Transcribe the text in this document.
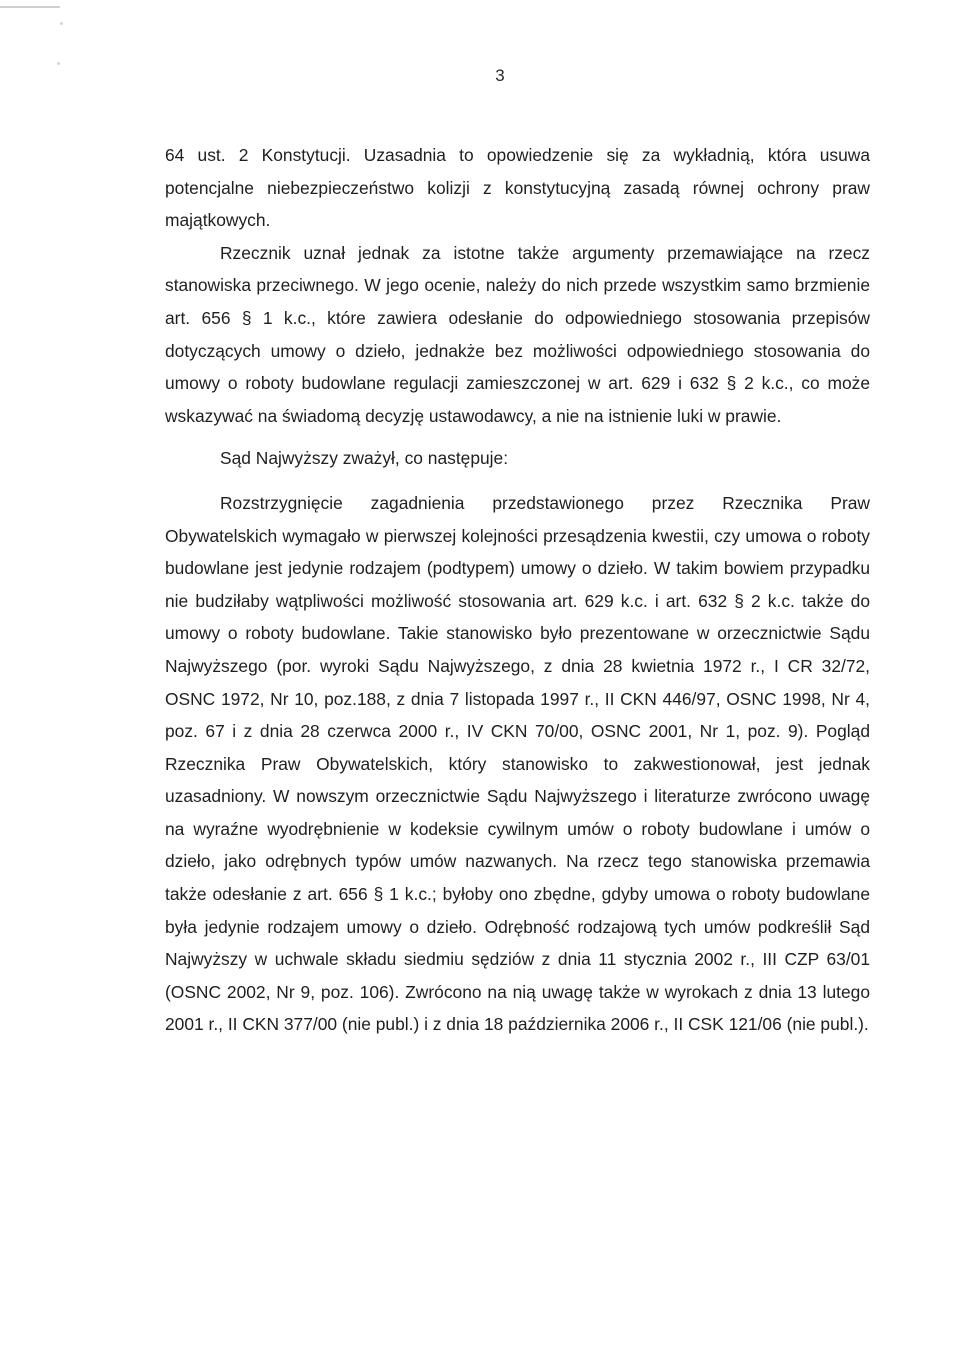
3

64 ust. 2 Konstytucji. Uzasadnia to opowiedzenie się za wykładnią, która usuwa potencjalne niebezpieczeństwo kolizji z konstytucyjną zasadą równej ochrony praw majątkowych.

Rzecznik uznał jednak za istotne także argumenty przemawiające na rzecz stanowiska przeciwnego. W jego ocenie, należy do nich przede wszystkim samo brzmienie art. 656 § 1 k.c., które zawiera odesłanie do odpowiedniego stosowania przepisów dotyczących umowy o dzieło, jednakże bez możliwości odpowiedniego stosowania do umowy o roboty budowlane regulacji zamieszczonej w art. 629 i 632 § 2 k.c., co może wskazywać na świadomą decyzję ustawodawcy, a nie na istnienie luki w prawie.

Sąd Najwyższy zważył, co następuje:

Rozstrzygnięcie zagadnienia przedstawionego przez Rzecznika Praw Obywatelskich wymagało w pierwszej kolejności przesądzenia kwestii, czy umowa o roboty budowlane jest jedynie rodzajem (podtypem) umowy o dzieło. W takim bowiem przypadku nie budziłaby wątpliwości możliwość stosowania art. 629 k.c. i art. 632 § 2 k.c. także do umowy o roboty budowlane. Takie stanowisko było prezentowane w orzecznictwie Sądu Najwyższego (por. wyroki Sądu Najwyższego, z dnia 28 kwietnia 1972 r., I CR 32/72, OSNC 1972, Nr 10, poz.188, z dnia 7 listopada 1997 r., II CKN 446/97, OSNC 1998, Nr 4, poz. 67 i z dnia 28 czerwca 2000 r., IV CKN 70/00, OSNC 2001, Nr 1, poz. 9). Pogląd Rzecznika Praw Obywatelskich, który stanowisko to zakwestionował, jest jednak uzasadniony. W nowszym orzecznictwie Sądu Najwyższego i literaturze zwrócono uwagę na wyraźne wyodrębnienie w kodeksie cywilnym umów o roboty budowlane i umów o dzieło, jako odrębnych typów umów nazwanych. Na rzecz tego stanowiska przemawia także odesłanie z art. 656 § 1 k.c.; byłoby ono zbędne, gdyby umowa o roboty budowlane była jedynie rodzajem umowy o dzieło. Odrębność rodzajową tych umów podkreślił Sąd Najwyższy w uchwale składu siedmiu sędziów z dnia 11 stycznia 2002 r., III CZP 63/01 (OSNC 2002, Nr 9, poz. 106). Zwrócono na nią uwagę także w wyrokach z dnia 13 lutego 2001 r., II CKN 377/00 (nie publ.) i z dnia 18 października 2006 r., II CSK 121/06 (nie publ.).
